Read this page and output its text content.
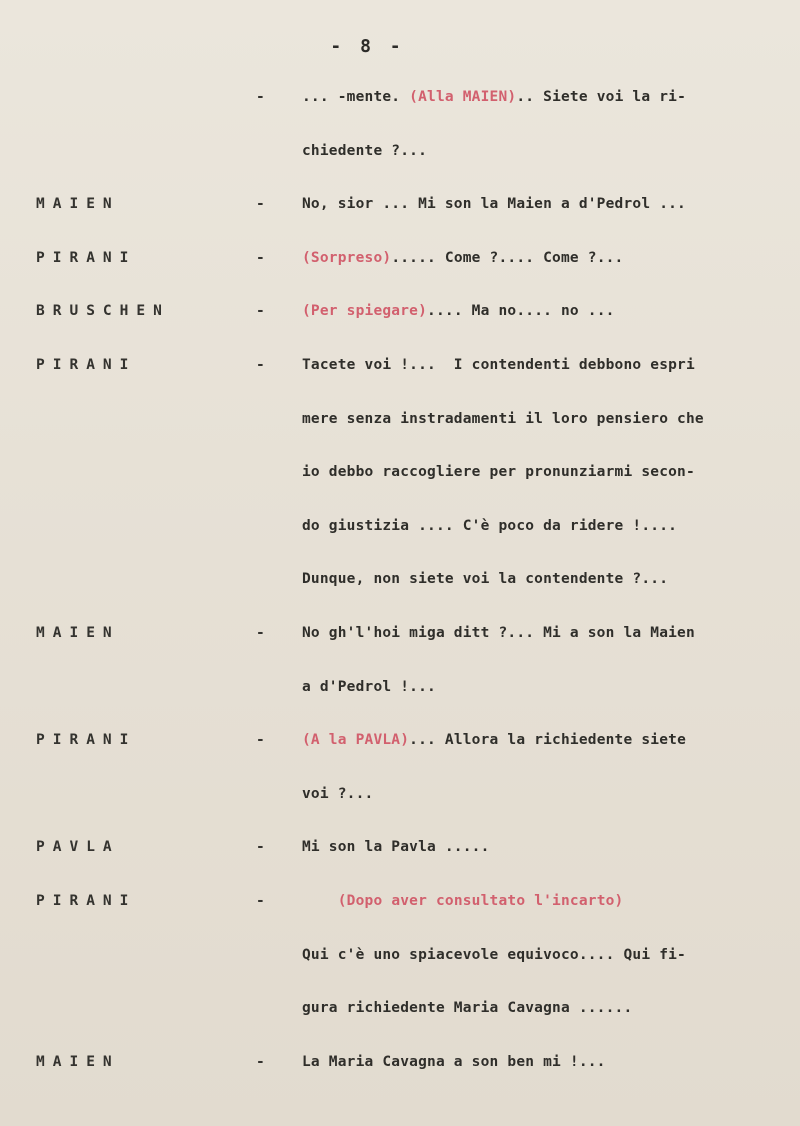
- 8 -
-	... -mente. (Alla MAIEN).. Siete voi la ri-
chiedente ?...
MAIEN	-	No, sior ... Mi son la Maien a d'Pedrol ...
PIRANI	-	(Sorpreso)..... Come ?.... Come ?...
BRUSCHEN	-	(Per spiegare).... Ma no.... no ...
PIRANI	-	Tacete voi !...  I contendenti debbono espri
mere senza instradamenti il loro pensiero che
io debbo raccogliere per pronunziarmi secon-
do giustizia .... C'è poco da ridere !....
Dunque, non siete voi la contendente ?...
MAIEN	-	No gh'l'hoi miga ditt ?... Mi a son la Maien
a d'Pedrol !...
PIRANI	-	(A la PAVLA)... Allora la richiedente siete
voi ?...
PAVLA	-	Mi son la Pavla .....
PIRANI	-	(Dopo aver consultato l'incarto)
Qui c'è uno spiacevole equivoco.... Qui fi-
gura richiedente Maria Cavagna ......
MAIEN	-	La Maria Cavagna a son ben mi !...
